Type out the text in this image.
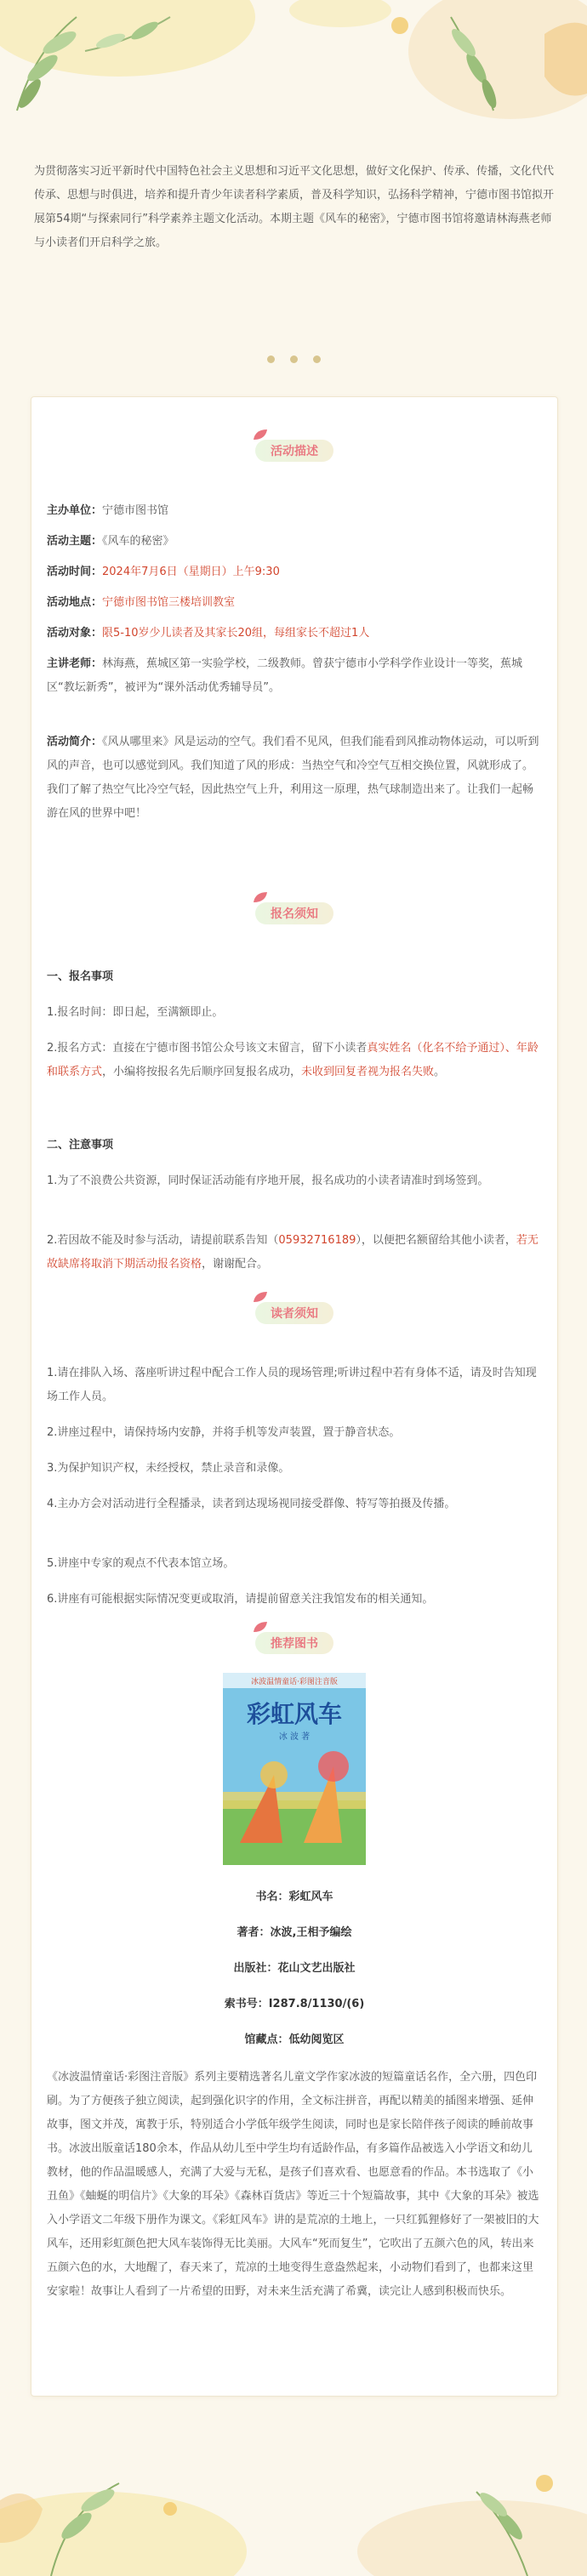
为贯彻落实习近平新时代中国特色社会主义思想和习近平文化思想，做好文化保护、传承、传播，文化代代传承、思想与时俱进，培养和提升青少年读者科学素质，普及科学知识，弘扬科学精神，宁德市图书馆拟开展第54期“与探索同行”科学素养主题文化活动。本期主题《风车的秘密》，宁德市图书馆将邀请林海燕老师与小读者们开启科学之旅。
活动描述
主办单位：宁德市图书馆
活动主题：《风车的秘密》
活动时间：2024年7月6日（星期日）上午9:30
活动地点：宁德市图书馆三楼培训教室
活动对象：限5-10岁少儿读者及其家长20组，每组家长不超过1人
主讲老师：林海燕，蕉城区第一实验学校，二级教师。曾获宁德市小学科学作业设计一等奖，蕉城区“教坛新秀”，被评为“课外活动优秀辅导员”。
活动简介：《风从哪里来》风是运动的空气。我们看不见风，但我们能看到风推动物体运动，可以听到风的声音，也可以感觉到风。我们知道了风的形成：当热空气和冷空气互相交换位置，风就形成了。我们了解了热空气比冷空气轻，因此热空气上升，利用这一原理，热气球制造出来了。让我们一起畅游在风的世界中吧！
报名须知
一、报名事项
1.报名时间：即日起，至满额即止。
2.报名方式：直接在宁德市图书馆公众号该文末留言，留下小读者真实姓名（化名不给予通过）、年龄和联系方式，小编将按报名先后顺序回复报名成功，未收到回复者视为报名失败。
二、注意事项
1.为了不浪费公共资源，同时保证活动能有序地开展，报名成功的小读者请准时到场签到。
2.若因故不能及时参与活动，请提前联系告知（05932716189），以便把名额留给其他小读者，若无故缺席将取消下期活动报名资格，谢谢配合。
读者须知
1.请在排队入场、落座听讲过程中配合工作人员的现场管理;听讲过程中若有身体不适，请及时告知现场工作人员。
2.讲座过程中，请保持场内安静，并将手机等发声装置，置于静音状态。
3.为保护知识产权，未经授权，禁止录音和录像。
4.主办方会对活动进行全程播录，读者到达现场视同接受群像、特写等拍摄及传播。
5.讲座中专家的观点不代表本馆立场。
6.讲座有可能根据实际情况变更或取消，请提前留意关注我馆发布的相关通知。
推荐图书
冰波温情童话·彩图注音版
彩虹风车
冰 波 著
书名：彩虹风车
著者：冰波,王相予编绘
出版社：花山文艺出版社
索书号：I287.8/1130/(6)
馆藏点：低幼阅览区
《冰波温情童话·彩图注音版》系列主要精选著名儿童文学作家冰波的短篇童话名作，全六册，四色印刷。为了方便孩子独立阅读，起到强化识字的作用，全文标注拼音，再配以精美的插图来增强、延伸故事，图文并茂，寓教于乐，特别适合小学低年级学生阅读，同时也是家长陪伴孩子阅读的睡前故事书。冰波出版童话180余本，作品从幼儿至中学生均有适龄作品，有多篇作品被选入小学语文和幼儿教材，他的作品温暖感人，充满了大爱与无私，是孩子们喜欢看、也愿意看的作品。本书选取了《小丑鱼》《蚰蜒的明信片》《大象的耳朵》《森林百货店》等近三十个短篇故事，其中《大象的耳朵》被选入小学语文二年级下册作为课文。《彩虹风车》讲的是荒凉的土地上，一只红狐狸修好了一架被旧的大风车，还用彩虹颜色把大风车装饰得无比美丽。大风车“死而复生”，它吹出了五颜六色的风，转出来五颜六色的水，大地醒了，春天来了，荒凉的土地变得生意盎然起来，小动物们看到了，也都来这里安家啦！故事让人看到了一片希望的田野，对未来生活充满了希冀，读完让人感到积极而快乐。
